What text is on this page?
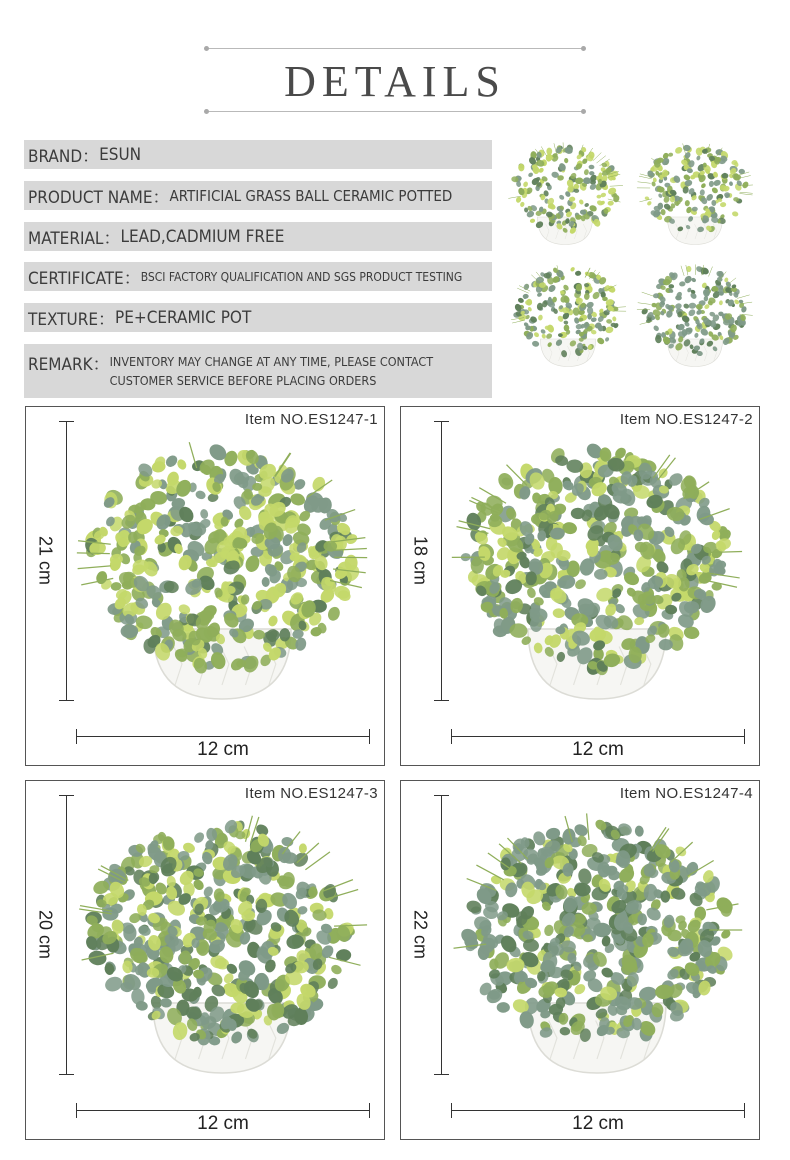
DETAILS
BRAND： ESUN
PRODUCT NAME： ARTIFICIAL GRASS BALL CERAMIC POTTED
MATERIAL： LEAD,CADMIUM FREE
CERTIFICATE： BSCI FACTORY QUALIFICATION AND SGS PRODUCT TESTING
TEXTURE： PE+CERAMIC POT
REMARK： INVENTORY MAY CHANGE AT ANY TIME, PLEASE CONTACT CUSTOMER SERVICE BEFORE PLACING ORDERS
Item NO.ES1247-1
21 cm
12 cm
Item NO.ES1247-2
18 cm
12 cm
Item NO.ES1247-3
20 cm
12 cm
Item NO.ES1247-4
22 cm
12 cm
